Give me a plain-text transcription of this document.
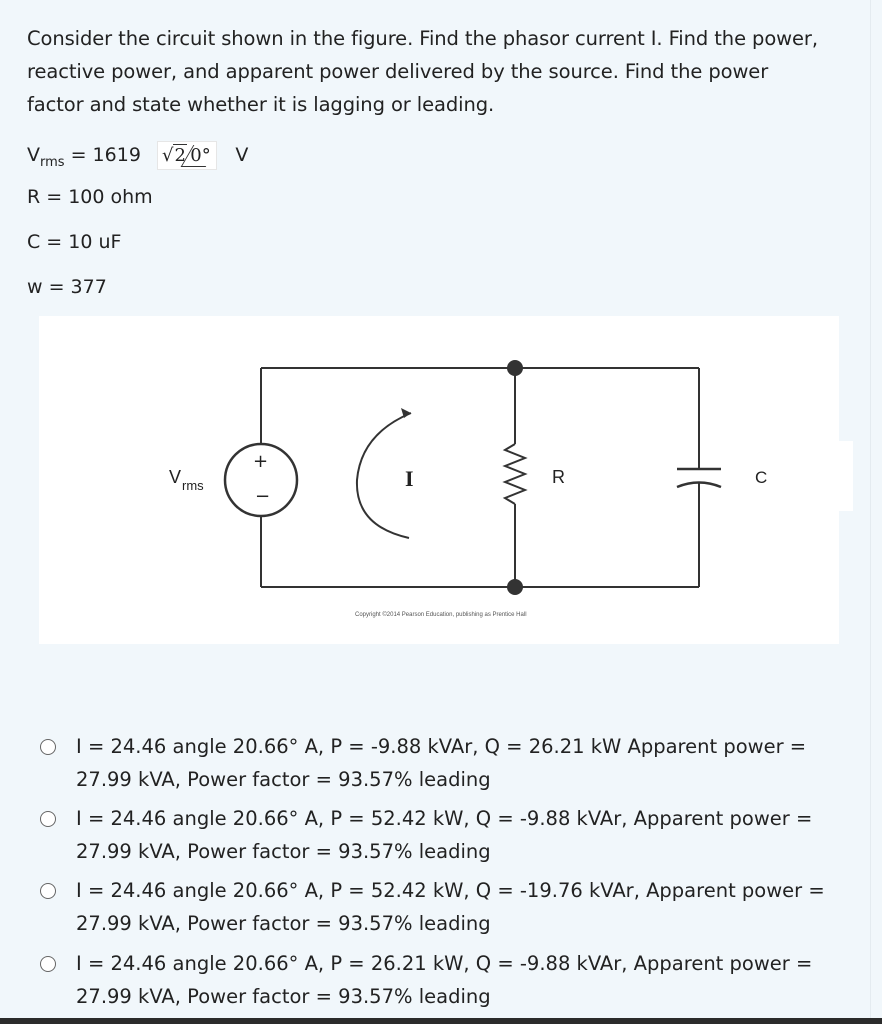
Consider the circuit shown in the figure. Find the phasor current I. Find the power,
reactive power, and apparent power delivered by the source. Find the power
factor and state whether it is lagging or leading.
$V_{rms} = 1619$ √2 0° V
R = 100 ohm
C = 10 uF
w = 377
V rms
+
−
I	R	C
Copyright ©2014 Pearson Education, publishing as Prentice Hall
I = 24.46 angle 20.66° A, P = -9.88 kVAr, Q = 26.21 kW Apparent power =
27.99 kVA, Power factor = 93.57% leading
I = 24.46 angle 20.66° A, P = 52.42 kW, Q = -9.88 kVAr, Apparent power =
27.99 kVA, Power factor = 93.57% leading
I = 24.46 angle 20.66° A, P = 52.42 kW, Q = -19.76 kVAr, Apparent power =
27.99 kVA, Power factor = 93.57% leading
I = 24.46 angle 20.66° A, P = 26.21 kW, Q = -9.88 kVAr, Apparent power =
27.99 kVA, Power factor = 93.57% leading
